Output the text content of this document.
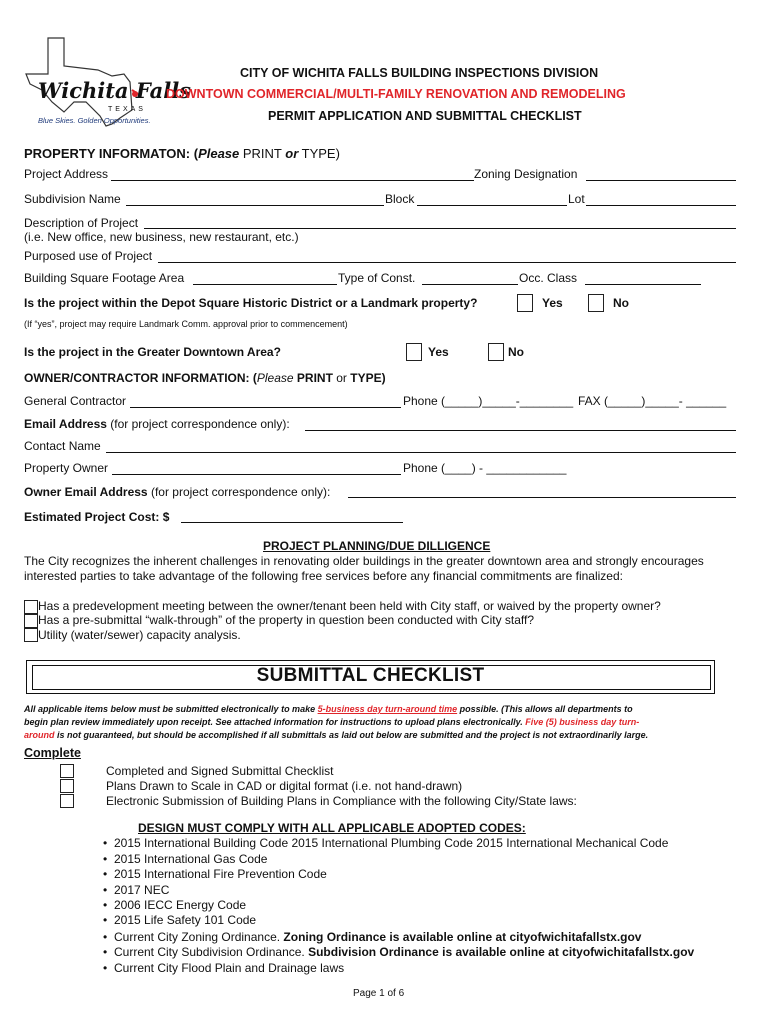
Wichita Falls
TEXAS
Blue Skies. Golden Opportunities.
CITY OF WICHITA FALLS BUILDING INSPECTIONS DIVISION
DOWNTOWN COMMERCIAL/MULTI-FAMILY RENOVATION AND REMODELING
PERMIT APPLICATION AND SUBMITTAL CHECKLIST
PROPERTY INFORMATON: (Please PRINT or TYPE)
Project Address	Zoning Designation
Subdivision Name	Block	Lot
Description of Project
(i.e. New office, new business, new restaurant, etc.)
Purposed use of Project
Building Square Footage Area	Type of Const.	Occ. Class
Is the project within the Depot Square Historic District or a Landmark property?	Yes	No
(If “yes”, project may require Landmark Comm. approval prior to commencement)
Is the project in the Greater Downtown Area?	Yes	No
OWNER/CONTRACTOR INFORMATION: (Please PRINT or TYPE)
General Contractor	Phone (_____)_____-________ FAX (_____)_____- ______
Email Address (for project correspondence only):
Contact Name
Property Owner	Phone (____) - ____________
Owner Email Address (for project correspondence only):
Estimated Project Cost: $
PROJECT PLANNING/DUE DILLIGENCE
The City recognizes the inherent challenges in renovating older buildings in the greater downtown area and strongly encourages
interested parties to take advantage of the following free services before any financial commitments are finalized:
Has a predevelopment meeting between the owner/tenant been held with City staff, or waived by the property owner?
Has a pre-submittal “walk-through” of the property in question been conducted with City staff?
Utility (water/sewer) capacity analysis.
SUBMITTAL CHECKLIST
All applicable items below must be submitted electronically to make 5-business day turn-around time possible. (This allows all departments to
begin plan review immediately upon receipt. See attached information for instructions to upload plans electronically. Five (5) business day turn-
around is not guaranteed, but should be accomplished if all submittals as laid out below are submitted and the project is not extraordinarily large.
Complete
Completed and Signed Submittal Checklist
Plans Drawn to Scale in CAD or digital format (i.e. not hand-drawn)
Electronic Submission of Building Plans in Compliance with the following City/State laws:
DESIGN MUST COMPLY WITH ALL APPLICABLE ADOPTED CODES:
• 2015 International Building Code 2015 International Plumbing Code 2015 International Mechanical Code
• 2015 International Gas Code
• 2015 International Fire Prevention Code
• 2017 NEC
• 2006 IECC Energy Code
• 2015 Life Safety 101 Code
• Current City Zoning Ordinance. Zoning Ordinance is available online at cityofwichitafallstx.gov
• Current City Subdivision Ordinance. Subdivision Ordinance is available online at cityofwichitafallstx.gov
• Current City Flood Plain and Drainage laws
Page 1 of 6
